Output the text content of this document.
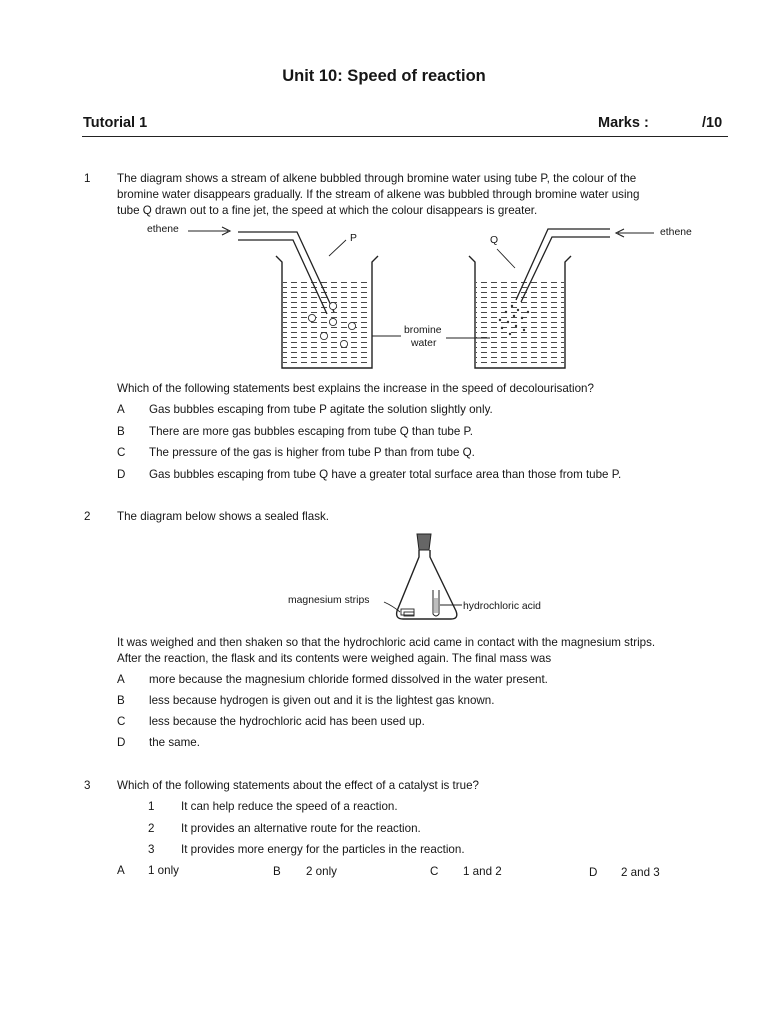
Unit 10: Speed of reaction
Tutorial 1	Marks :	/10
1 The diagram shows a stream of alkene bubbled through bromine water using tube P, the colour of the
bromine water disappears gradually. If the stream of alkene was bubbled through bromine water using
tube Q drawn out to a fine jet, the speed at which the colour disappears is greater.
ethene	ethene
P	Q
bromine
water
Which of the following statements best explains the increase in the speed of decolourisation?
A Gas bubbles escaping from tube P agitate the solution slightly only.
B There are more gas bubbles escaping from tube Q than tube P.
C The pressure of the gas is higher from tube P than from tube Q.
D Gas bubbles escaping from tube Q have a greater total surface area than those from tube P.
2 The diagram below shows a sealed flask.
magnesium strips
hydrochloric acid
It was weighed and then shaken so that the hydrochloric acid came in contact with the magnesium strips.
After the reaction, the flask and its contents were weighed again. The final mass was
A more because the magnesium chloride formed dissolved in the water present.
B less because hydrogen is given out and it is the lightest gas known.
C less because the hydrochloric acid has been used up.
D the same.
3 Which of the following statements about the effect of a catalyst is true?
1 It can help reduce the speed of a reaction.
2 It provides an alternative route for the reaction.
3 It provides more energy for the particles in the reaction.
A 1 only	B 2 only	C 1 and 2	D 2 and 3
